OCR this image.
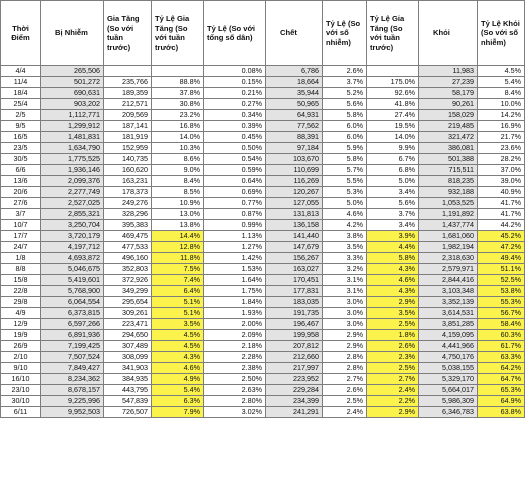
Thời Điểm	Bị Nhiễm	Gia Tăng (So với tuần trước)	Tỷ Lệ Gia Tăng (So với tuần trước)	Tỷ Lệ (So với tổng số dân)	Chết	Tỷ Lệ (So với số nhiễm)	Tỷ Lệ Gia Tăng (So với tuần trước)	Khỏi	Tỷ Lệ Khỏi (So với số nhiễm)
4/4	265,506			0.08%	6,786	2.6%		11,983	4.5%
11/4	501,272	235,766	88.8%	0.15%	18,664	3.7%	175.0%	27,239	5.4%
18/4	690,631	189,359	37.8%	0.21%	35,944	5.2%	92.6%	58,179	8.4%
25/4	903,202	212,571	30.8%	0.27%	50,965	5.6%	41.8%	90,261	10.0%
2/5	1,112,771	209,569	23.2%	0.34%	64,931	5.8%	27.4%	158,029	14.2%
9/5	1,299,912	187,141	16.8%	0.39%	77,562	6.0%	19.5%	219,485	16.9%
16/5	1,481,831	181,919	14.0%	0.45%	88,391	6.0%	14.0%	321,472	21.7%
23/5	1,634,790	152,959	10.3%	0.50%	97,184	5.9%	9.9%	386,081	23.6%
30/5	1,775,525	140,735	8.6%	0.54%	103,670	5.8%	6.7%	501,388	28.2%
6/6	1,936,146	160,620	9.0%	0.59%	110,699	5.7%	6.8%	715,511	37.0%
13/6	2,099,376	163,231	8.4%	0.64%	116,269	5.5%	5.0%	818,235	39.0%
20/6	2,277,749	178,373	8.5%	0.69%	120,267	5.3%	3.4%	932,188	40.9%
27/6	2,527,025	249,276	10.9%	0.77%	127,055	5.0%	5.6%	1,053,525	41.7%
3/7	2,855,321	328,296	13.0%	0.87%	131,813	4.6%	3.7%	1,191,892	41.7%
10/7	3,250,704	395,383	13.8%	0.99%	136,158	4.2%	3.4%	1,437,774	44.2%
17/7	3,720,179	469,475	14.4%	1.13%	141,440	3.8%	3.9%	1,681,060	45.2%
24/7	4,197,712	477,533	12.8%	1.27%	147,679	3.5%	4.4%	1,982,194	47.2%
1/8	4,693,872	496,160	11.8%	1.42%	156,267	3.3%	5.8%	2,318,630	49.4%
8/8	5,046,675	352,803	7.5%	1.53%	163,027	3.2%	4.3%	2,579,971	51.1%
15/8	5,419,601	372,926	7.4%	1.64%	170,451	3.1%	4.6%	2,844,416	52.5%
22/8	5,768,900	349,299	6.4%	1.75%	177,831	3.1%	4.3%	3,103,348	53.8%
29/8	6,064,554	295,654	5.1%	1.84%	183,035	3.0%	2.9%	3,352,139	55.3%
4/9	6,373,815	309,261	5.1%	1.93%	191,735	3.0%	3.5%	3,614,531	56.7%
12/9	6,597,266	223,471	3.5%	2.00%	196,467	3.0%	2.5%	3,851,285	58.4%
19/9	6,891,936	294,650	4.5%	2.09%	199,958	2.9%	1.8%	4,159,095	60.3%
26/9	7,199,425	307,489	4.5%	2.18%	207,812	2.9%	2.6%	4,441,966	61.7%
2/10	7,507,524	308,099	4.3%	2.28%	212,660	2.8%	2.3%	4,750,176	63.3%
9/10	7,849,427	341,903	4.6%	2.38%	217,997	2.8%	2.5%	5,038,155	64.2%
16/10	8,234,362	384,935	4.9%	2.50%	223,952	2.7%	2.7%	5,329,170	64.7%
23/10	8,678,157	443,795	5.4%	2.63%	229,284	2.6%	2.4%	5,664,017	65.3%
30/10	9,225,996	547,839	6.3%	2.80%	234,399	2.5%	2.2%	5,986,309	64.9%
6/11	9,952,503	726,507	7.9%	3.02%	241,291	2.4%	2.9%	6,346,783	63.8%
